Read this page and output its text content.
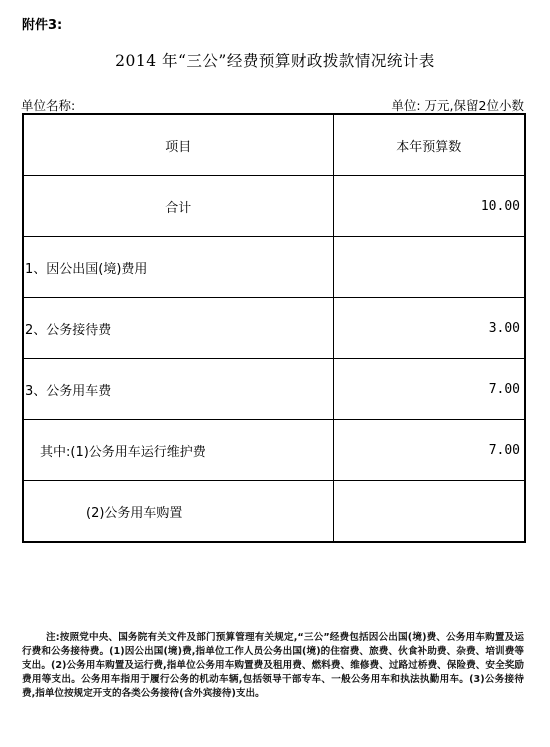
附件3:
2014 年“三公”经费预算财政拨款情况统计表
单位名称:	单位: 万元,保留2位小数
项目	本年预算数
合计	10.00
1、因公出国(境)费用	
2、公务接待费	3.00
3、公务用车费	7.00
其中:(1)公务用车运行维护费	7.00
(2)公务用车购置	
注:按照党中央、国务院有关文件及部门预算管理有关规定,“三公”经费包括因公出国(境)费、公务用车购置及运行费和公务接待费。(1)因公出国(境)费,指单位工作人员公务出国(境)的住宿费、旅费、伙食补助费、杂费、培训费等支出。(2)公务用车购置及运行费,指单位公务用车购置费及租用费、燃料费、维修费、过路过桥费、保险费、安全奖励费用等支出。公务用车指用于履行公务的机动车辆,包括领导干部专车、一般公务用车和执法执勤用车。(3)公务接待费,指单位按规定开支的各类公务接待(含外宾接待)支出。
